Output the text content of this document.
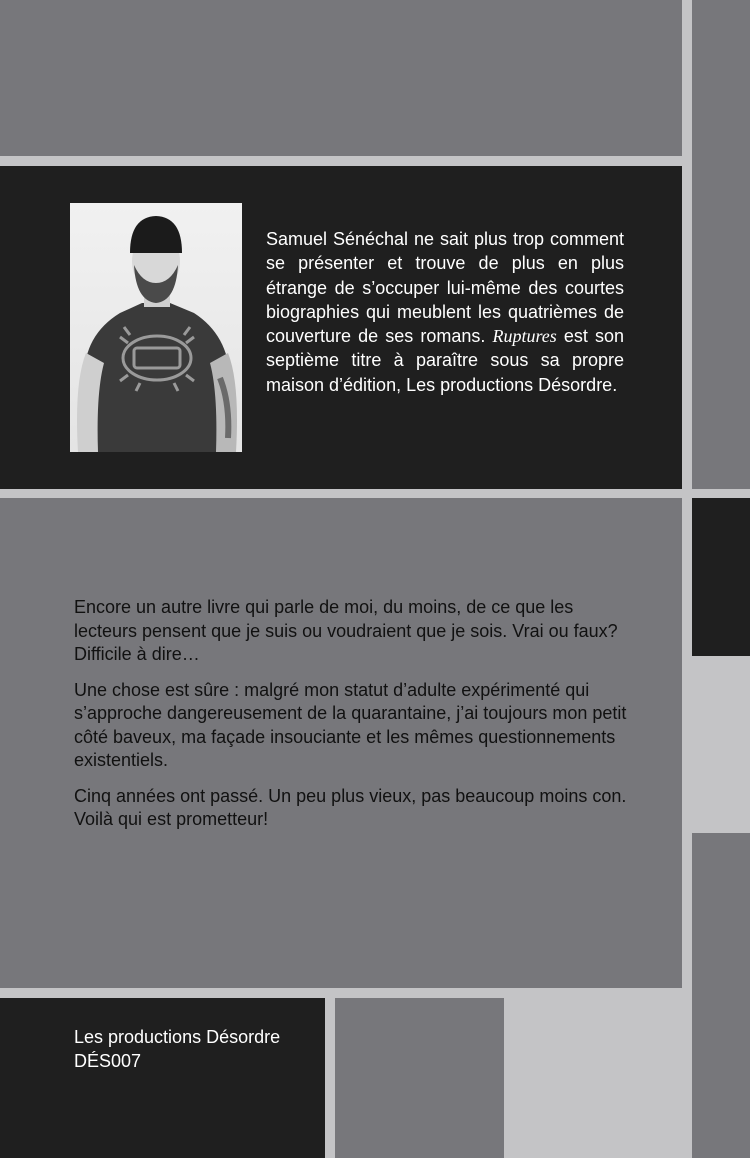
Samuel Sénéchal ne sait plus trop comment se présenter et trouve de plus en plus étrange de s’occuper lui-même des courtes biographies qui meublent les quatrièmes de couverture de ses romans. Ruptures est son septième titre à paraître sous sa propre maison d’édition, Les productions Désordre.

Encore un autre livre qui parle de moi, du moins, de ce que les lecteurs pensent que je suis ou voudraient que je sois. Vrai ou faux? Difficile à dire…

Une chose est sûre : malgré mon statut d’adulte expérimenté qui s’approche dangereusement de la quarantaine, j’ai toujours mon petit côté baveux, ma façade insouciante et les mêmes questionnements existentiels.

Cinq années ont passé. Un peu plus vieux, pas beaucoup moins con. Voilà qui est prometteur!

Les productions Désordre
DÉS007
